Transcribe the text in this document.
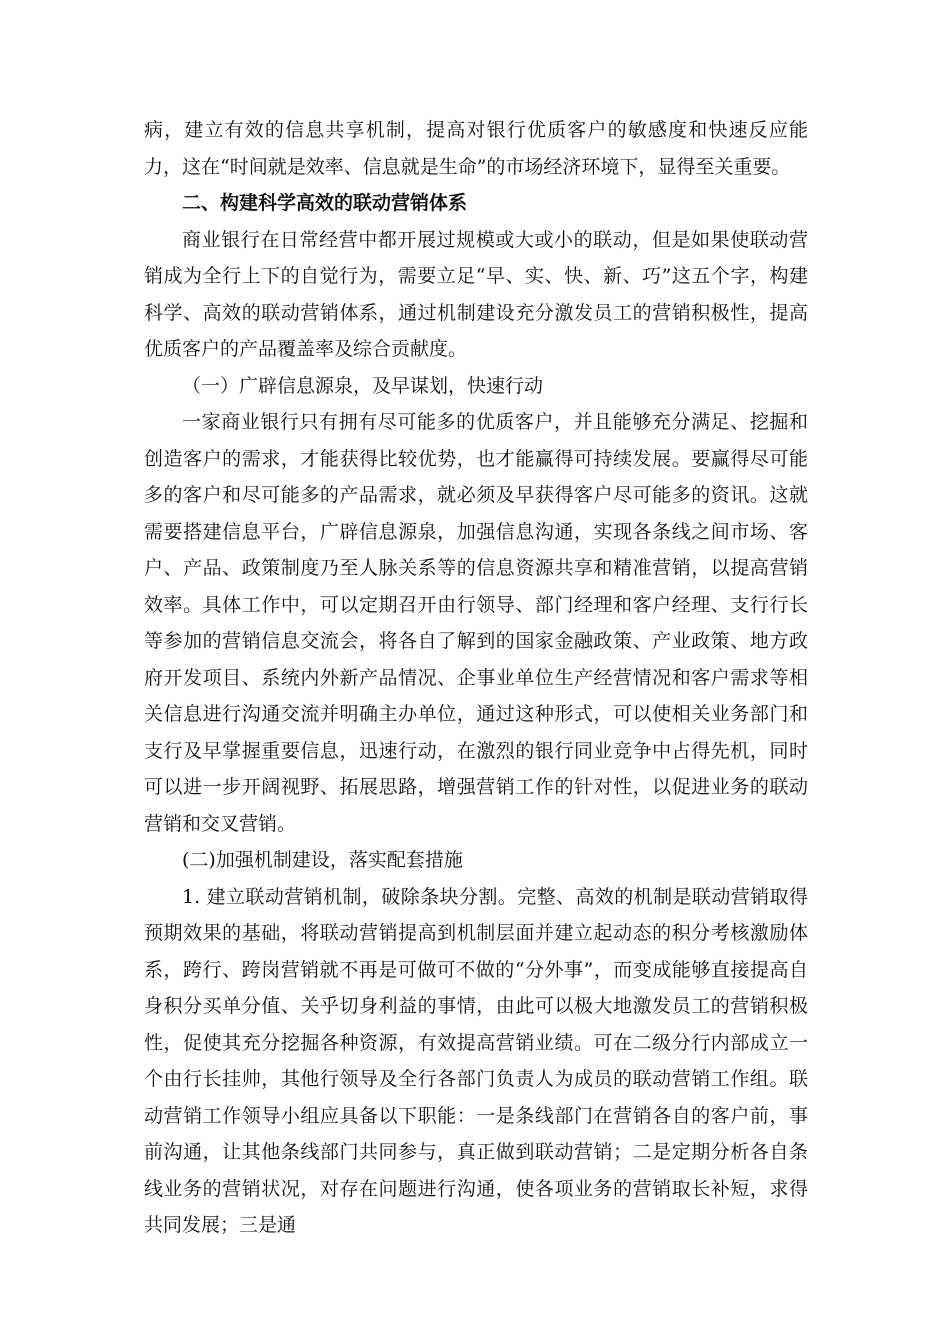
病，建立有效的信息共享机制，提高对银行优质客户的敏感度和快速反应能力，这在“时间就是效率、信息就是生命”的市场经济环境下，显得至关重要。

二、构建科学高效的联动营销体系

商业银行在日常经营中都开展过规模或大或小的联动，但是如果使联动营销成为全行上下的自觉行为，需要立足“早、实、快、新、巧”这五个字，构建科学、高效的联动营销体系，通过机制建设充分激发员工的营销积极性，提高优质客户的产品覆盖率及综合贡献度。

（一）广辟信息源泉，及早谋划，快速行动

一家商业银行只有拥有尽可能多的优质客户，并且能够充分满足、挖掘和创造客户的需求，才能获得比较优势，也才能赢得可持续发展。要赢得尽可能多的客户和尽可能多的产品需求，就必须及早获得客户尽可能多的资讯。这就需要搭建信息平台，广辟信息源泉，加强信息沟通，实现各条线之间市场、客户、产品、政策制度乃至人脉关系等的信息资源共享和精准营销，以提高营销效率。具体工作中，可以定期召开由行领导、部门经理和客户经理、支行行长等参加的营销信息交流会，将各自了解到的国家金融政策、产业政策、地方政府开发项目、系统内外新产品情况、企事业单位生产经营情况和客户需求等相关信息进行沟通交流并明确主办单位，通过这种形式，可以使相关业务部门和支行及早掌握重要信息，迅速行动，在激烈的银行同业竞争中占得先机，同时可以进一步开阔视野、拓展思路，增强营销工作的针对性，以促进业务的联动营销和交叉营销。

(二)加强机制建设，落实配套措施

1. 建立联动营销机制，破除条块分割。完整、高效的机制是联动营销取得预期效果的基础，将联动营销提高到机制层面并建立起动态的积分考核激励体系，跨行、跨岗营销就不再是可做可不做的“分外事”，而变成能够直接提高自身积分买单分值、关乎切身利益的事情，由此可以极大地激发员工的营销积极性，促使其充分挖掘各种资源，有效提高营销业绩。可在二级分行内部成立一个由行长挂帅，其他行领导及全行各部门负责人为成员的联动营销工作组。联动营销工作领导小组应具备以下职能：一是条线部门在营销各自的客户前，事前沟通，让其他条线部门共同参与，真正做到联动营销；二是定期分析各自条线业务的营销状况，对存在问题进行沟通，使各项业务的营销取长补短，求得共同发展；三是通
